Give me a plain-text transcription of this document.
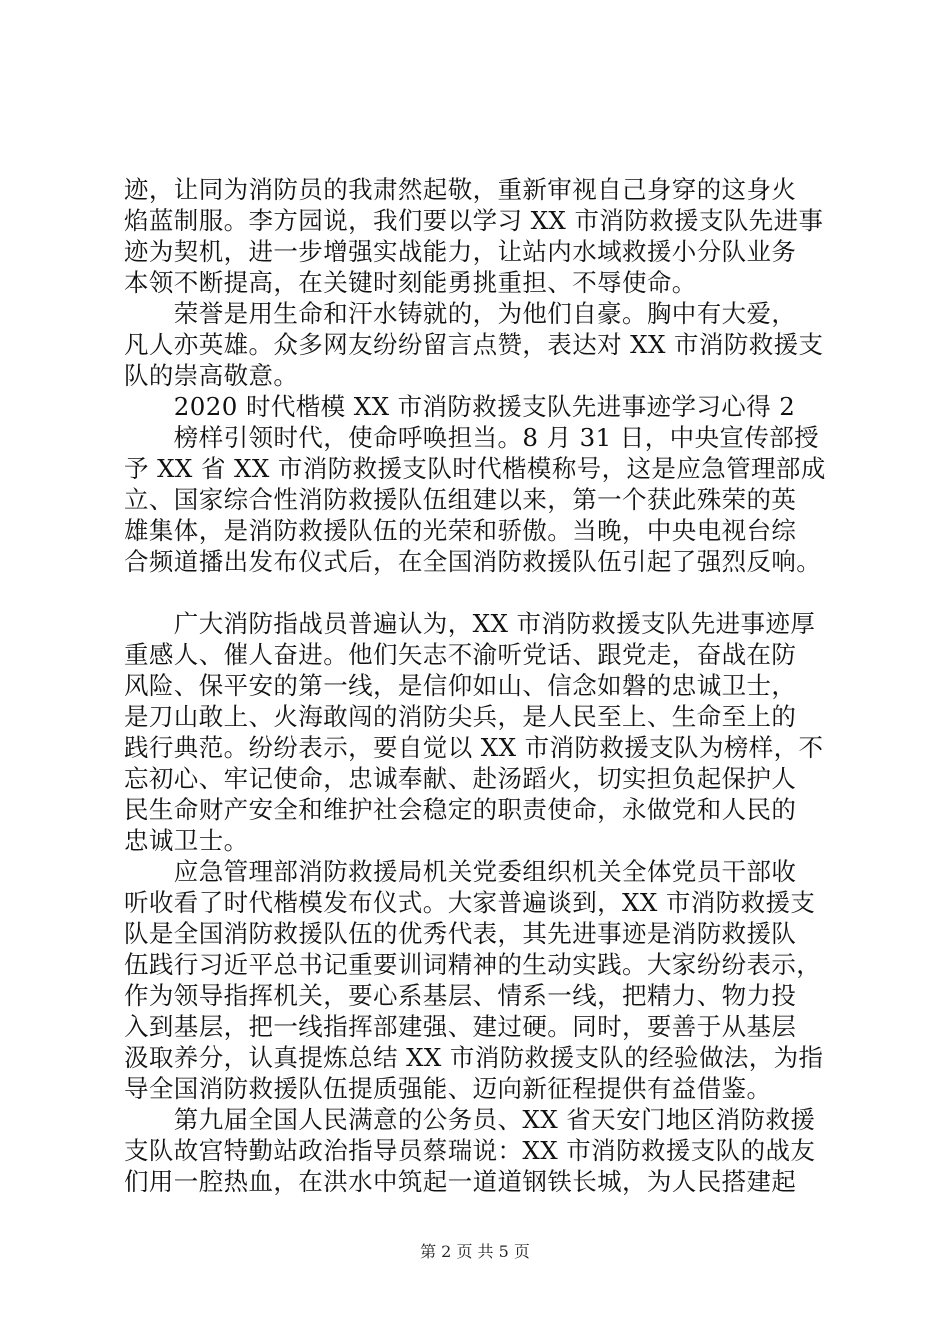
迹，让同为消防员的我肃然起敬，重新审视自己身穿的这身火
焰蓝制服。李方园说，我们要以学习 XX 市消防救援支队先进事
迹为契机，进一步增强实战能力，让站内水域救援小分队业务
本领不断提高，在关键时刻能勇挑重担、不辱使命。
　　荣誉是用生命和汗水铸就的，为他们自豪。胸中有大爱，
凡人亦英雄。众多网友纷纷留言点赞，表达对 XX 市消防救援支
队的崇高敬意。
　　2020 时代楷模 XX 市消防救援支队先进事迹学习心得 2
　　榜样引领时代，使命呼唤担当。8 月 31 日，中央宣传部授
予 XX 省 XX 市消防救援支队时代楷模称号，这是应急管理部成
立、国家综合性消防救援队伍组建以来，第一个获此殊荣的英
雄集体，是消防救援队伍的光荣和骄傲。当晚，中央电视台综
合频道播出发布仪式后，在全国消防救援队伍引起了强烈反响。
　　广大消防指战员普遍认为，XX 市消防救援支队先进事迹厚
重感人、催人奋进。他们矢志不渝听党话、跟党走，奋战在防
风险、保平安的第一线，是信仰如山、信念如磐的忠诚卫士，
是刀山敢上、火海敢闯的消防尖兵，是人民至上、生命至上的
践行典范。纷纷表示，要自觉以 XX 市消防救援支队为榜样，不
忘初心、牢记使命，忠诚奉献、赴汤蹈火，切实担负起保护人
民生命财产安全和维护社会稳定的职责使命，永做党和人民的
忠诚卫士。
　　应急管理部消防救援局机关党委组织机关全体党员干部收
听收看了时代楷模发布仪式。大家普遍谈到，XX 市消防救援支
队是全国消防救援队伍的优秀代表，其先进事迹是消防救援队
伍践行习近平总书记重要训词精神的生动实践。大家纷纷表示，
作为领导指挥机关，要心系基层、情系一线，把精力、物力投
入到基层，把一线指挥部建强、建过硬。同时，要善于从基层
汲取养分，认真提炼总结 XX 市消防救援支队的经验做法，为指
导全国消防救援队伍提质强能、迈向新征程提供有益借鉴。
　　第九届全国人民满意的公务员、XX 省天安门地区消防救援
支队故宫特勤站政治指导员蔡瑞说：XX 市消防救援支队的战友
们用一腔热血，在洪水中筑起一道道钢铁长城，为人民搭建起
第 2 页 共 5 页
